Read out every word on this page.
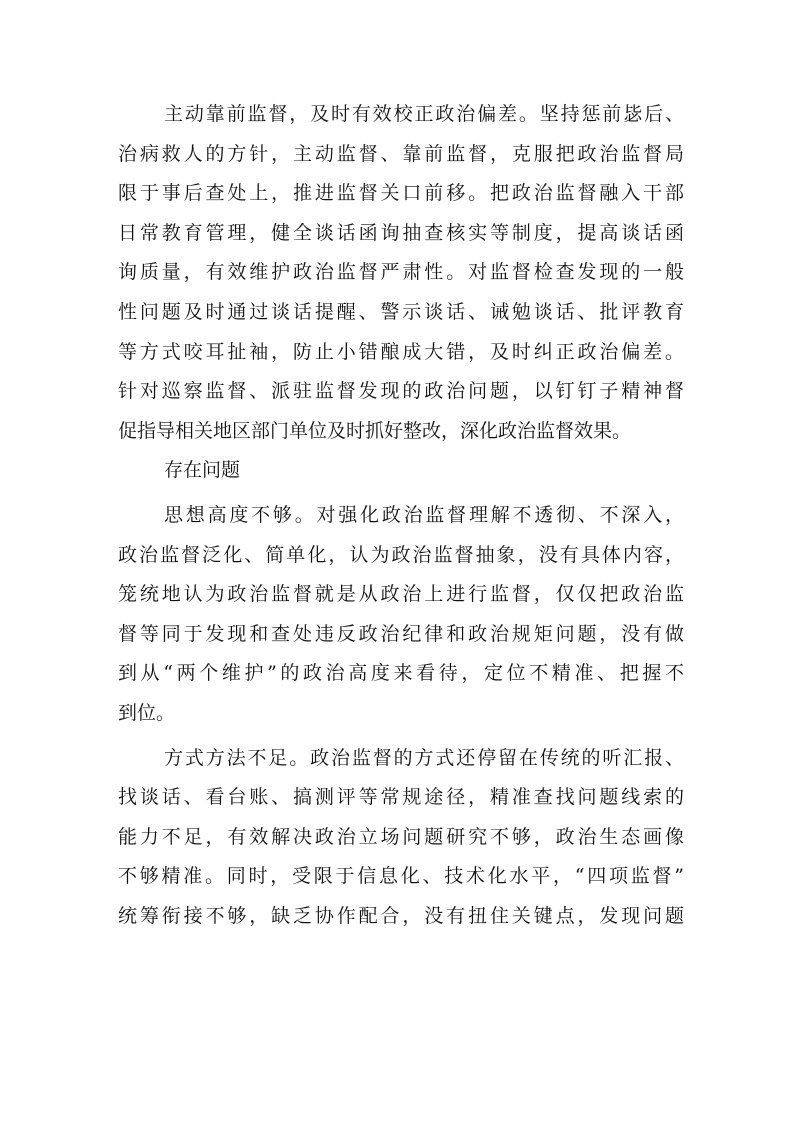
主动靠前监督，及时有效校正政治偏差。坚持惩前毖后、
治病救人的方针，主动监督、靠前监督，克服把政治监督局
限于事后查处上，推进监督关口前移。把政治监督融入干部
日常教育管理，健全谈话函询抽查核实等制度，提高谈话函
询质量，有效维护政治监督严肃性。对监督检查发现的一般
性问题及时通过谈话提醒、警示谈话、诫勉谈话、批评教育
等方式咬耳扯袖，防止小错酿成大错，及时纠正政治偏差。
针对巡察监督、派驻监督发现的政治问题，以钉钉子精神督
促指导相关地区部门单位及时抓好整改，深化政治监督效果。
存在问题
思想高度不够。对强化政治监督理解不透彻、不深入，
政治监督泛化、简单化，认为政治监督抽象，没有具体内容，
笼统地认为政治监督就是从政治上进行监督，仅仅把政治监
督等同于发现和查处违反政治纪律和政治规矩问题，没有做
到从“两个维护”的政治高度来看待，定位不精准、把握不
到位。
方式方法不足。政治监督的方式还停留在传统的听汇报、
找谈话、看台账、搞测评等常规途径，精准查找问题线索的
能力不足，有效解决政治立场问题研究不够，政治生态画像
不够精准。同时，受限于信息化、技术化水平，“四项监督”
统筹衔接不够，缺乏协作配合，没有扭住关键点，发现问题
